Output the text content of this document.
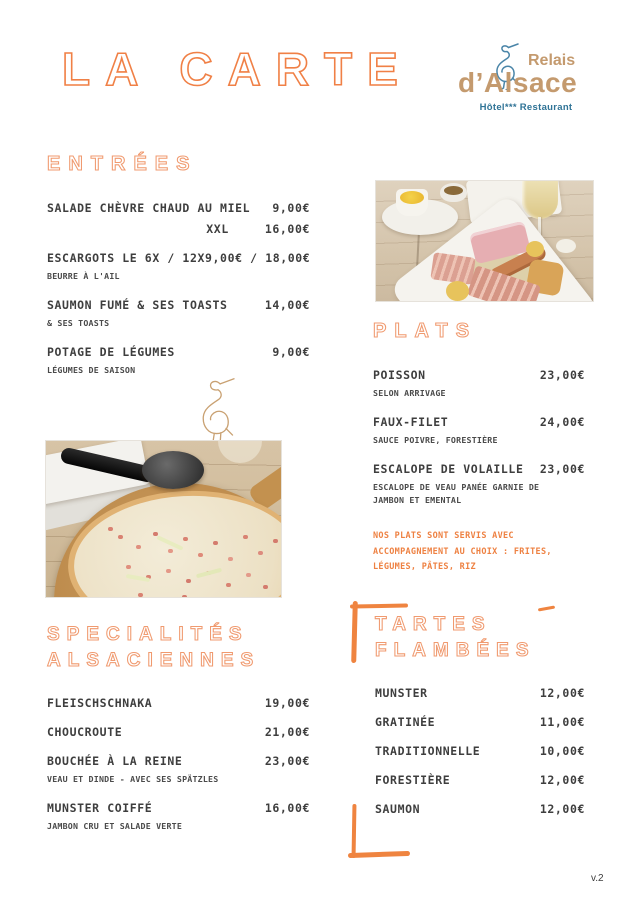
LA CARTE	Relais
d’Alsace
Hôtel*** Restaurant
ENTRÉES
SALADE CHÈVRE CHAUD AU MIEL 9,00€
XXL	16,00€
ESCARGOTS LE 6X / 12X 9,00€ / 18,00€
BEURRE À L'AIL
SAUMON FUMÉ & SES TOASTS	14,00€
& SES TOASTS
POTAGE DE LÉGUMES	9,00€
LÉGUMES DE SAISON
PLATS
POISSON	23,00€
SELON ARRIVAGE
FAUX-FILET	24,00€
SAUCE POIVRE, FORESTIÈRE
ESCALOPE DE VOLAILLE 23,00€
ESCALOPE DE VEAU PANÉE GARNIE DE
JAMBON ET EMENTAL
NOS PLATS SONT SERVIS AVEC
ACCOMPAGNEMENT AU CHOIX : FRITES,
LÉGUMES, PÂTES, RIZ
SPECIALITÉS
ALSACIENNES
FLEISCHSCHNAKA	19,00€
CHOUCROUTE	21,00€
BOUCHÉE À LA REINE	23,00€
VEAU ET DINDE - AVEC SES SPÄTZLES
MUNSTER COIFFÉ	16,00€
JAMBON CRU ET SALADE VERTE
TARTES
FLAMBÉES
MUNSTER	12,00€
GRATINÉE	11,00€
TRADITIONNELLE	10,00€
FORESTIÈRE	12,00€
SAUMON	12,00€
v.2
